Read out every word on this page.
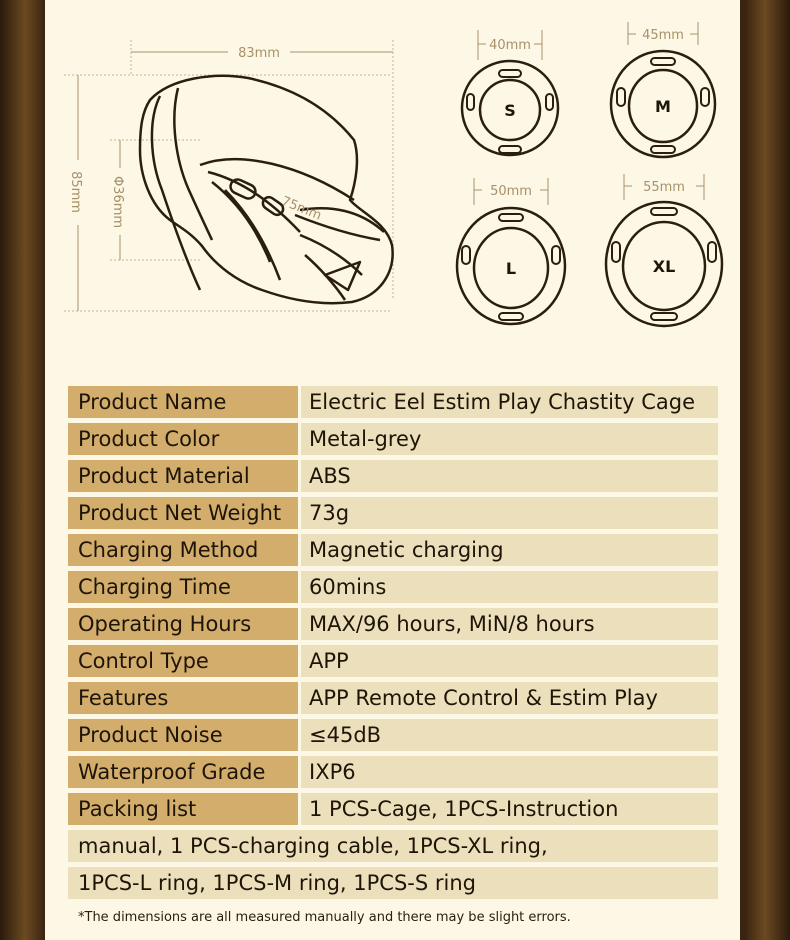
83mm
85mm Φ36mm	75mm
40mm
S
45mm
M
50mm
L
55mm
XL
Product Name	Electric Eel Estim Play Chastity Cage
Product Color	Metal-grey
Product Material	ABS
Product Net Weight	73g
Charging Method	Magnetic charging
Charging Time	60mins
Operating Hours	MAX/96 hours, MiN/8 hours
Control Type	APP
Features	APP Remote Control & Estim Play
Product Noise	≤45dB
Waterproof Grade	IXP6
Packing list	1 PCS-Cage, 1PCS-Instruction
manual, 1 PCS-charging cable, 1PCS-XL ring,
1PCS-L ring, 1PCS-M ring, 1PCS-S ring
*The dimensions are all measured manually and there may be slight errors.
